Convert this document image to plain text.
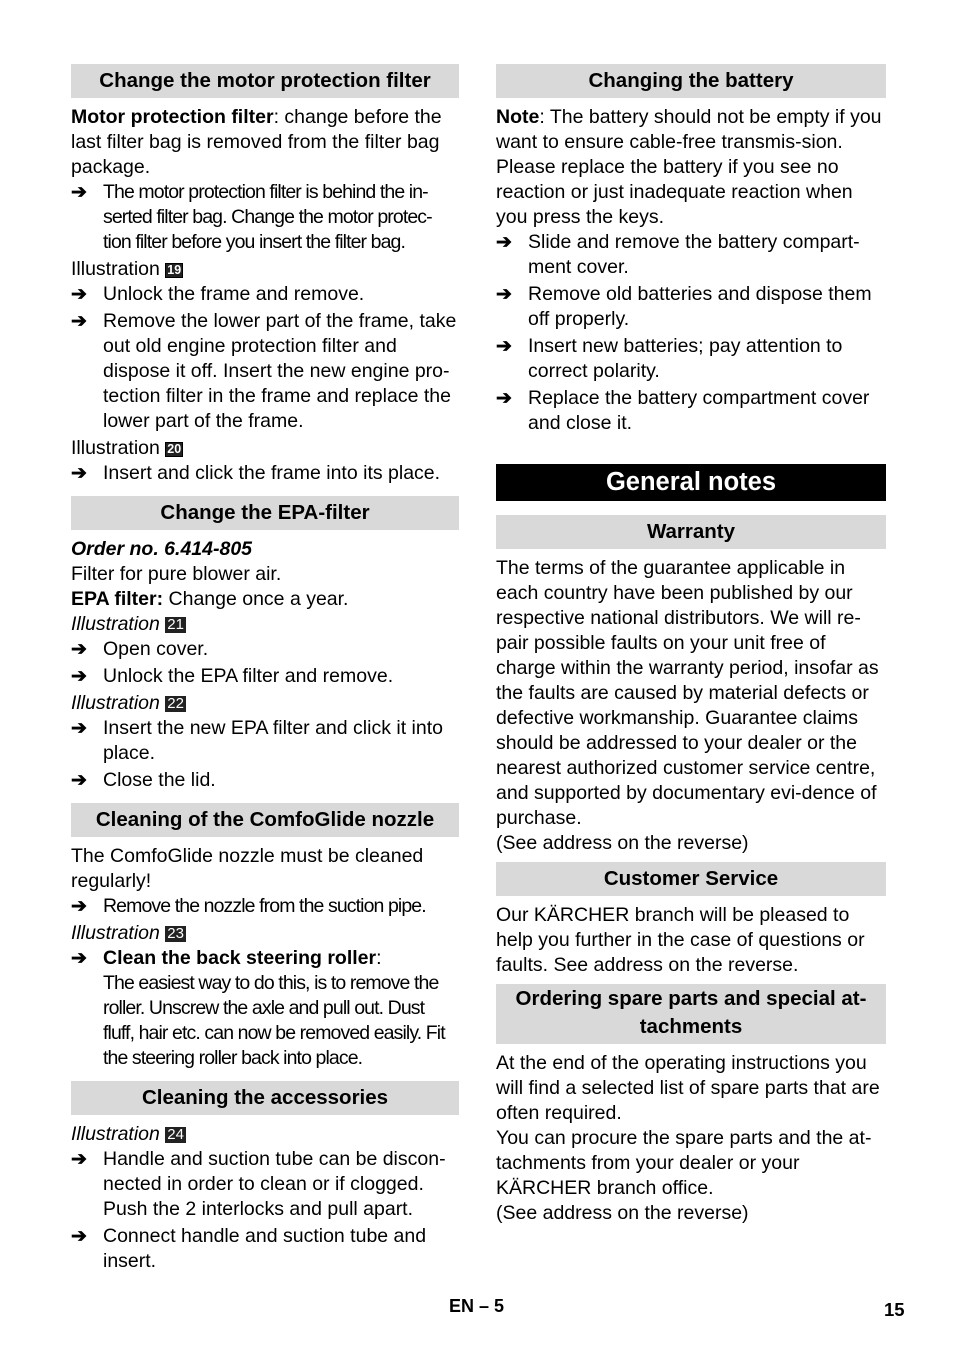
Change the motor protection filter

Motor protection filter: change before the last filter bag is removed from the filter bag package.

➔ The motor protection filter is behind the in-serted filter bag. Change the motor protec-tion filter before you insert the filter bag.

Illustration 19

➔ Unlock the frame and remove.
➔ Remove the lower part of the frame, take out old engine protection filter and dispose it off. Insert the new engine pro-tection filter in the frame and replace the lower part of the frame.

Illustration 20

➔ Insert and click the frame into its place.
Change the EPA-filter

Order no. 6.414-805

Filter for pure blower air.

EPA filter: Change once a year.

Illustration 21

➔ Open cover.
➔ Unlock the EPA filter and remove.

Illustration 22

➔ Insert the new EPA filter and click it into place.
➔ Close the lid.
Cleaning of the ComfoGlide nozzle

The ComfoGlide nozzle must be cleaned regularly!

➔ Remove the nozzle from the suction pipe.

Illustration 23

➔ Clean the back steering roller:
The easiest way to do this, is to remove the roller. Unscrew the axle and pull out. Dust fluff, hair etc. can now be removed easily. Fit the steering roller back into place.
Cleaning the accessories

Illustration 24

➔ Handle and suction tube can be discon-nected in order to clean or if clogged. Push the 2 interlocks and pull apart.
➔ Connect handle and suction tube and insert.
Changing the battery

Note: The battery should not be empty if you want to ensure cable-free transmis-sion. Please replace the battery if you see no reaction or just inadequate reaction when you press the keys.

➔ Slide and remove the battery compart-ment cover.
➔ Remove old batteries and dispose them off properly.
➔ Insert new batteries; pay attention to correct polarity.
➔ Replace the battery compartment cover and close it.
General notes
Warranty

The terms of the guarantee applicable in each country have been published by our respective national distributors. We will re-pair possible faults on your unit free of charge within the warranty period, insofar as the faults are caused by material defects or defective workmanship. Guarantee claims should be addressed to your dealer or the nearest authorized customer service centre, and supported by documentary evi-dence of purchase.

(See address on the reverse)

Customer Service

Our KÄRCHER branch will be pleased to help you further in the case of questions or faults. See address on the reverse.

Ordering spare parts and special at-tachments

At the end of the operating instructions you will find a selected list of spare parts that are often required.

You can procure the spare parts and the at-tachments from your dealer or your KÄRCHER branch office.

(See address on the reverse)

EN – 5	15
